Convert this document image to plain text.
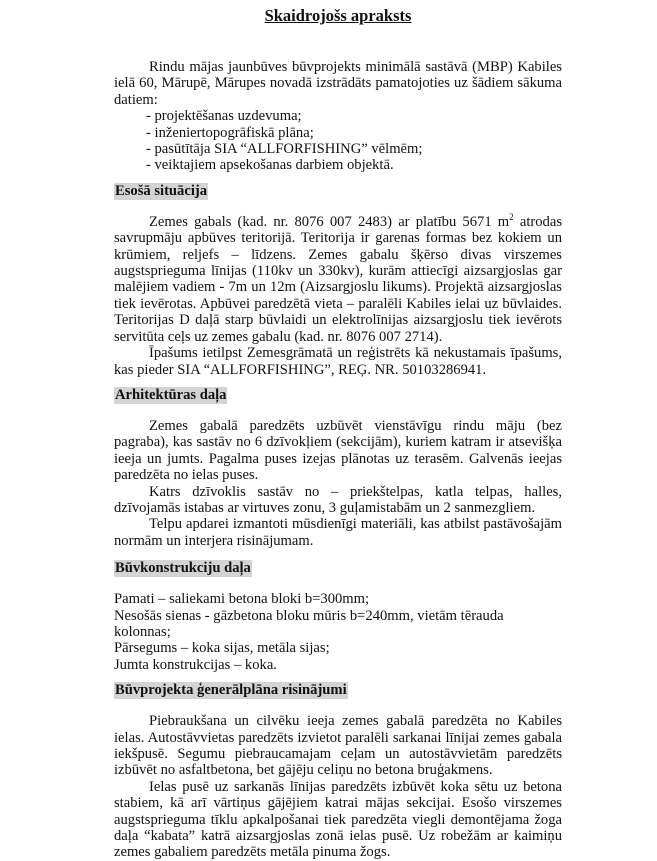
Skaidrojošs apraksts

Rindu mājas jaunbūves būvprojekts minimālā sastāvā (MBP) Kabiles ielā 60, Mārupē, Mārupes novadā izstrādāts pamatojoties uz šādiem sākuma datiem:

- projektēšanas uzdevuma;
- inženiertopogrāfiskā plāna;
- pasūtītāja SIA “ALLFORFISHING” vēlmēm;
- veiktajiem apsekošanas darbiem objektā.
Esošā situācija

Zemes gabals (kad. nr. 8076 007 2483) ar platību 5671 $m^2$ atrodas savrupmāju apbūves teritorijā. Teritorija ir garenas formas bez kokiem un krūmiem, reljefs – līdzens. Zemes gabalu šķērso divas virszemes augstsprieguma līnijas (110kv un 330kv), kurām attiecīgi aizsargjoslas gar malējiem vadiem - 7m un 12m (Aizsargjoslu likums). Projektā aizsargjoslas tiek ievērotas. Apbūvei paredzētā vieta – paralēli Kabiles ielai uz būvlaides. Teritorijas D daļā starp būvlaidi un elektrolīnijas aizsargjoslu tiek ievērots servitūta ceļs uz zemes gabalu (kad. nr. 8076 007 2714).

Īpašums ietilpst Zemesgrāmatā un reģistrēts kā nekustamais īpašums, kas pieder SIA “ALLFORFISHING”, REĢ. NR. 50103286941.

Arhitektūras daļa

Zemes gabalā paredzēts uzbūvēt vienstāvīgu rindu māju (bez pagraba), kas sastāv no 6 dzīvokļiem (sekcijām), kuriem katram ir atsevišķa ieeja un jumts. Pagalma puses izejas plānotas uz terasēm. Galvenās ieejas paredzēta no ielas puses.

Katrs dzīvoklis sastāv no – priekštelpas, katla telpas, halles, dzīvojamās istabas ar virtuves zonu, 3 guļamistabām un 2 sanmezgliem.

Telpu apdarei izmantoti mūsdienīgi materiāli, kas atbilst pastāvošajām normām un interjera risinājumam.

Būvkonstrukciju daļa
Pamati – saliekami betona bloki b=300mm;
Nesošās sienas - gāzbetona bloku mūris b=240mm, vietām tērauda kolonnas;
Pārsegums – koka sijas, metāla sijas;
Jumta konstrukcijas – koka.
Būvprojekta ģenerālplāna risinājumi

Piebraukšana un cilvēku ieeja zemes gabalā paredzēta no Kabiles ielas. Autostāvvietas paredzēts izvietot paralēli sarkanai līnijai zemes gabala iekšpusē. Segumu piebraucamajam ceļam un autostāvvietām paredzēts izbūvēt no asfaltbetona, bet gājēju celiņu no betona bruģakmens.

Ielas pusē uz sarkanās līnijas paredzēts izbūvēt koka sētu uz betona stabiem, kā arī vārtiņus gājējiem katrai mājas sekcijai. Esošo virszemes augstsprieguma tīklu apkalpošanai tiek paredzēta viegli demontējama žoga daļa “kabata” katrā aizsargjoslas zonā ielas pusē. Uz robežām ar kaimiņu zemes gabaliem paredzēts metāla pinuma žogs.
